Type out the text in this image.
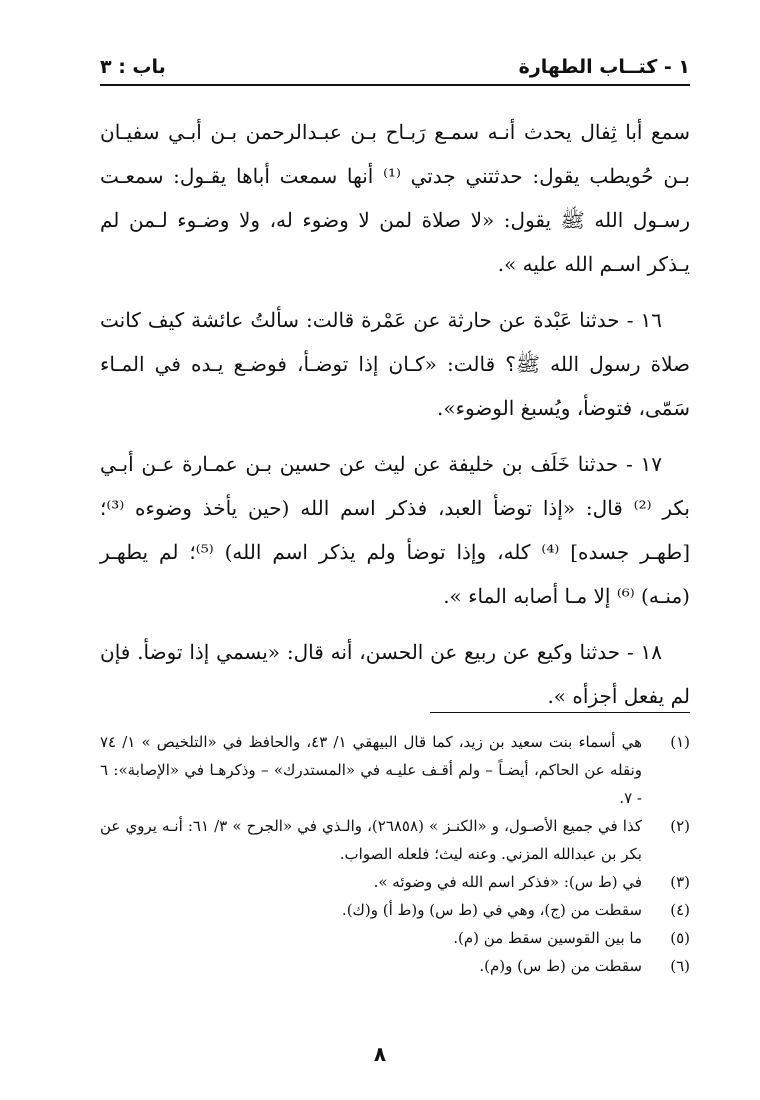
١ - كتــاب الطهارة
باب : ٣

سمع أبا ثِفال يحدث أنـه سمـع رَبـاح بـن عبـدالرحمن بـن أبـي سفيـان بـن حُويطب يقول: حدثتني جدتي ⁽¹⁾ أنها سمعت أباها يقـول: سمعـت رسـول الله ﷺ يقول: «لا صلاة لمن لا وضوء له، ولا وضـوء لـمن لم يـذكر اسـم الله عليه ».

١٦ - حدثنا عَبْدة عن حارثة عن عَمْرة قالت: سألتُ عائشة كيف كانت صلاة رسول الله ﷺ؟ قالت: «كـان إذا توضـأ، فوضـع يـده في المـاء سَمّى، فتوضأ، ويُسبغ الوضوء».

١٧ - حدثنا خَلَف بن خليفة عن ليث عن حسين بـن عمـارة عـن أبـي بكر ⁽²⁾ قال: «إذا توضأ العبد، فذكر اسم الله (حين يأخذ وضوءه ⁽³⁾؛ [طهـر جسده] ⁽⁴⁾ كله، وإذا توضأ ولم يذكر اسم الله) ⁽⁵⁾؛ لم يطهـر (منـه) ⁽⁶⁾ إلا مـا أصابه الماء ».

١٨ - حدثنا وكيع عن ربيع عن الحسن، أنه قال: «يسمي إذا توضأ. فإن لم يفعل أجزأه ».

(١)
هي أسماء بنت سعيد بن زيد، كما قال البيهقي ١/ ٤٣، والحافظ في «التلخيص » ١/ ٧٤ ونقله عن الحاكم، أيضـاً – ولم أقـف عليـه في «المستدرك» – وذكرهـا في «الإصابة»: ٦ - ٧.
(٢)
كذا في جميع الأصـول، و «الكنـز » (٢٦٨٥٨)، والـذي في «الجرح » ٣/ ٦١: أنـه يروي عن بكر بن عبدالله المزني. وعنه ليث؛ فلعله الصواب.
(٣)
في (ط س): «فذكر اسم الله في وضوئه ».
(٤)
سقطت من (ج)، وهي في (ط س) و(ط أ) و(ك).
(٥)
ما بين القوسين سقط من (م).
(٦)
سقطت من (ط س) و(م).
٨
